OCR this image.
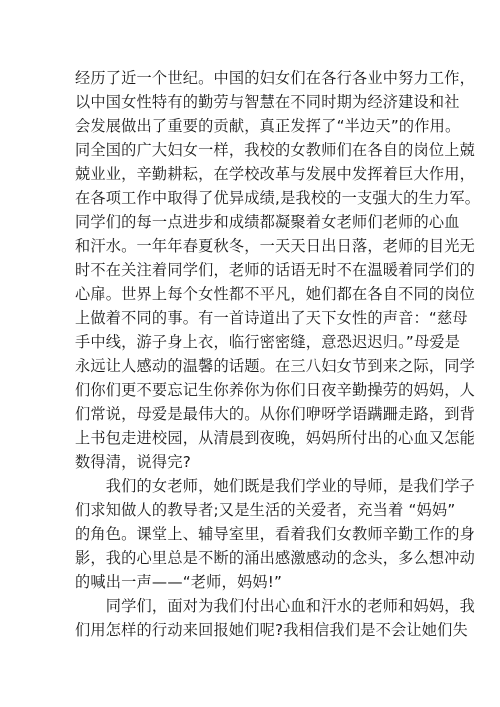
经历了近一个世纪。中国的妇女们在各行各业中努力工作，
以中国女性特有的勤劳与智慧在不同时期为经济建设和社
会发展做出了重要的贡献，真正发挥了“半边天”的作用。
同全国的广大妇女一样，我校的女教师们在各自的岗位上兢
兢业业，辛勤耕耘，在学校改革与发展中发挥着巨大作用，
在各项工作中取得了优异成绩,是我校的一支强大的生力军。
同学们的每一点进步和成绩都凝聚着女老师们老师的心血
和汗水。一年年春夏秋冬，一天天日出日落，老师的目光无
时不在关注着同学们，老师的话语无时不在温暖着同学们的
心扉。世界上每个女性都不平凡，她们都在各自不同的岗位
上做着不同的事。有一首诗道出了天下女性的声音：“慈母
手中线，游子身上衣，临行密密缝，意恐迟迟归。”母爱是
永远让人感动的温馨的话题。在三八妇女节到来之际，同学
们你们更不要忘记生你养你为你们日夜辛勤操劳的妈妈，人
们常说，母爱是最伟大的。从你们咿呀学语蹒跚走路，到背
上书包走进校园，从清晨到夜晚，妈妈所付出的心血又怎能
数得清，说得完?
　　我们的女老师，她们既是我们学业的导师，是我们学子
们求知做人的教导者;又是生活的关爱者，充当着 “妈妈”
的角色。课堂上、辅导室里，看着我们女教师辛勤工作的身
影，我的心里总是不断的涌出感激感动的念头，多么想冲动
的喊出一声——“老师，妈妈!”
　　同学们，面对为我们付出心血和汗水的老师和妈妈，我
们用怎样的行动来回报她们呢?我相信我们是不会让她们失
